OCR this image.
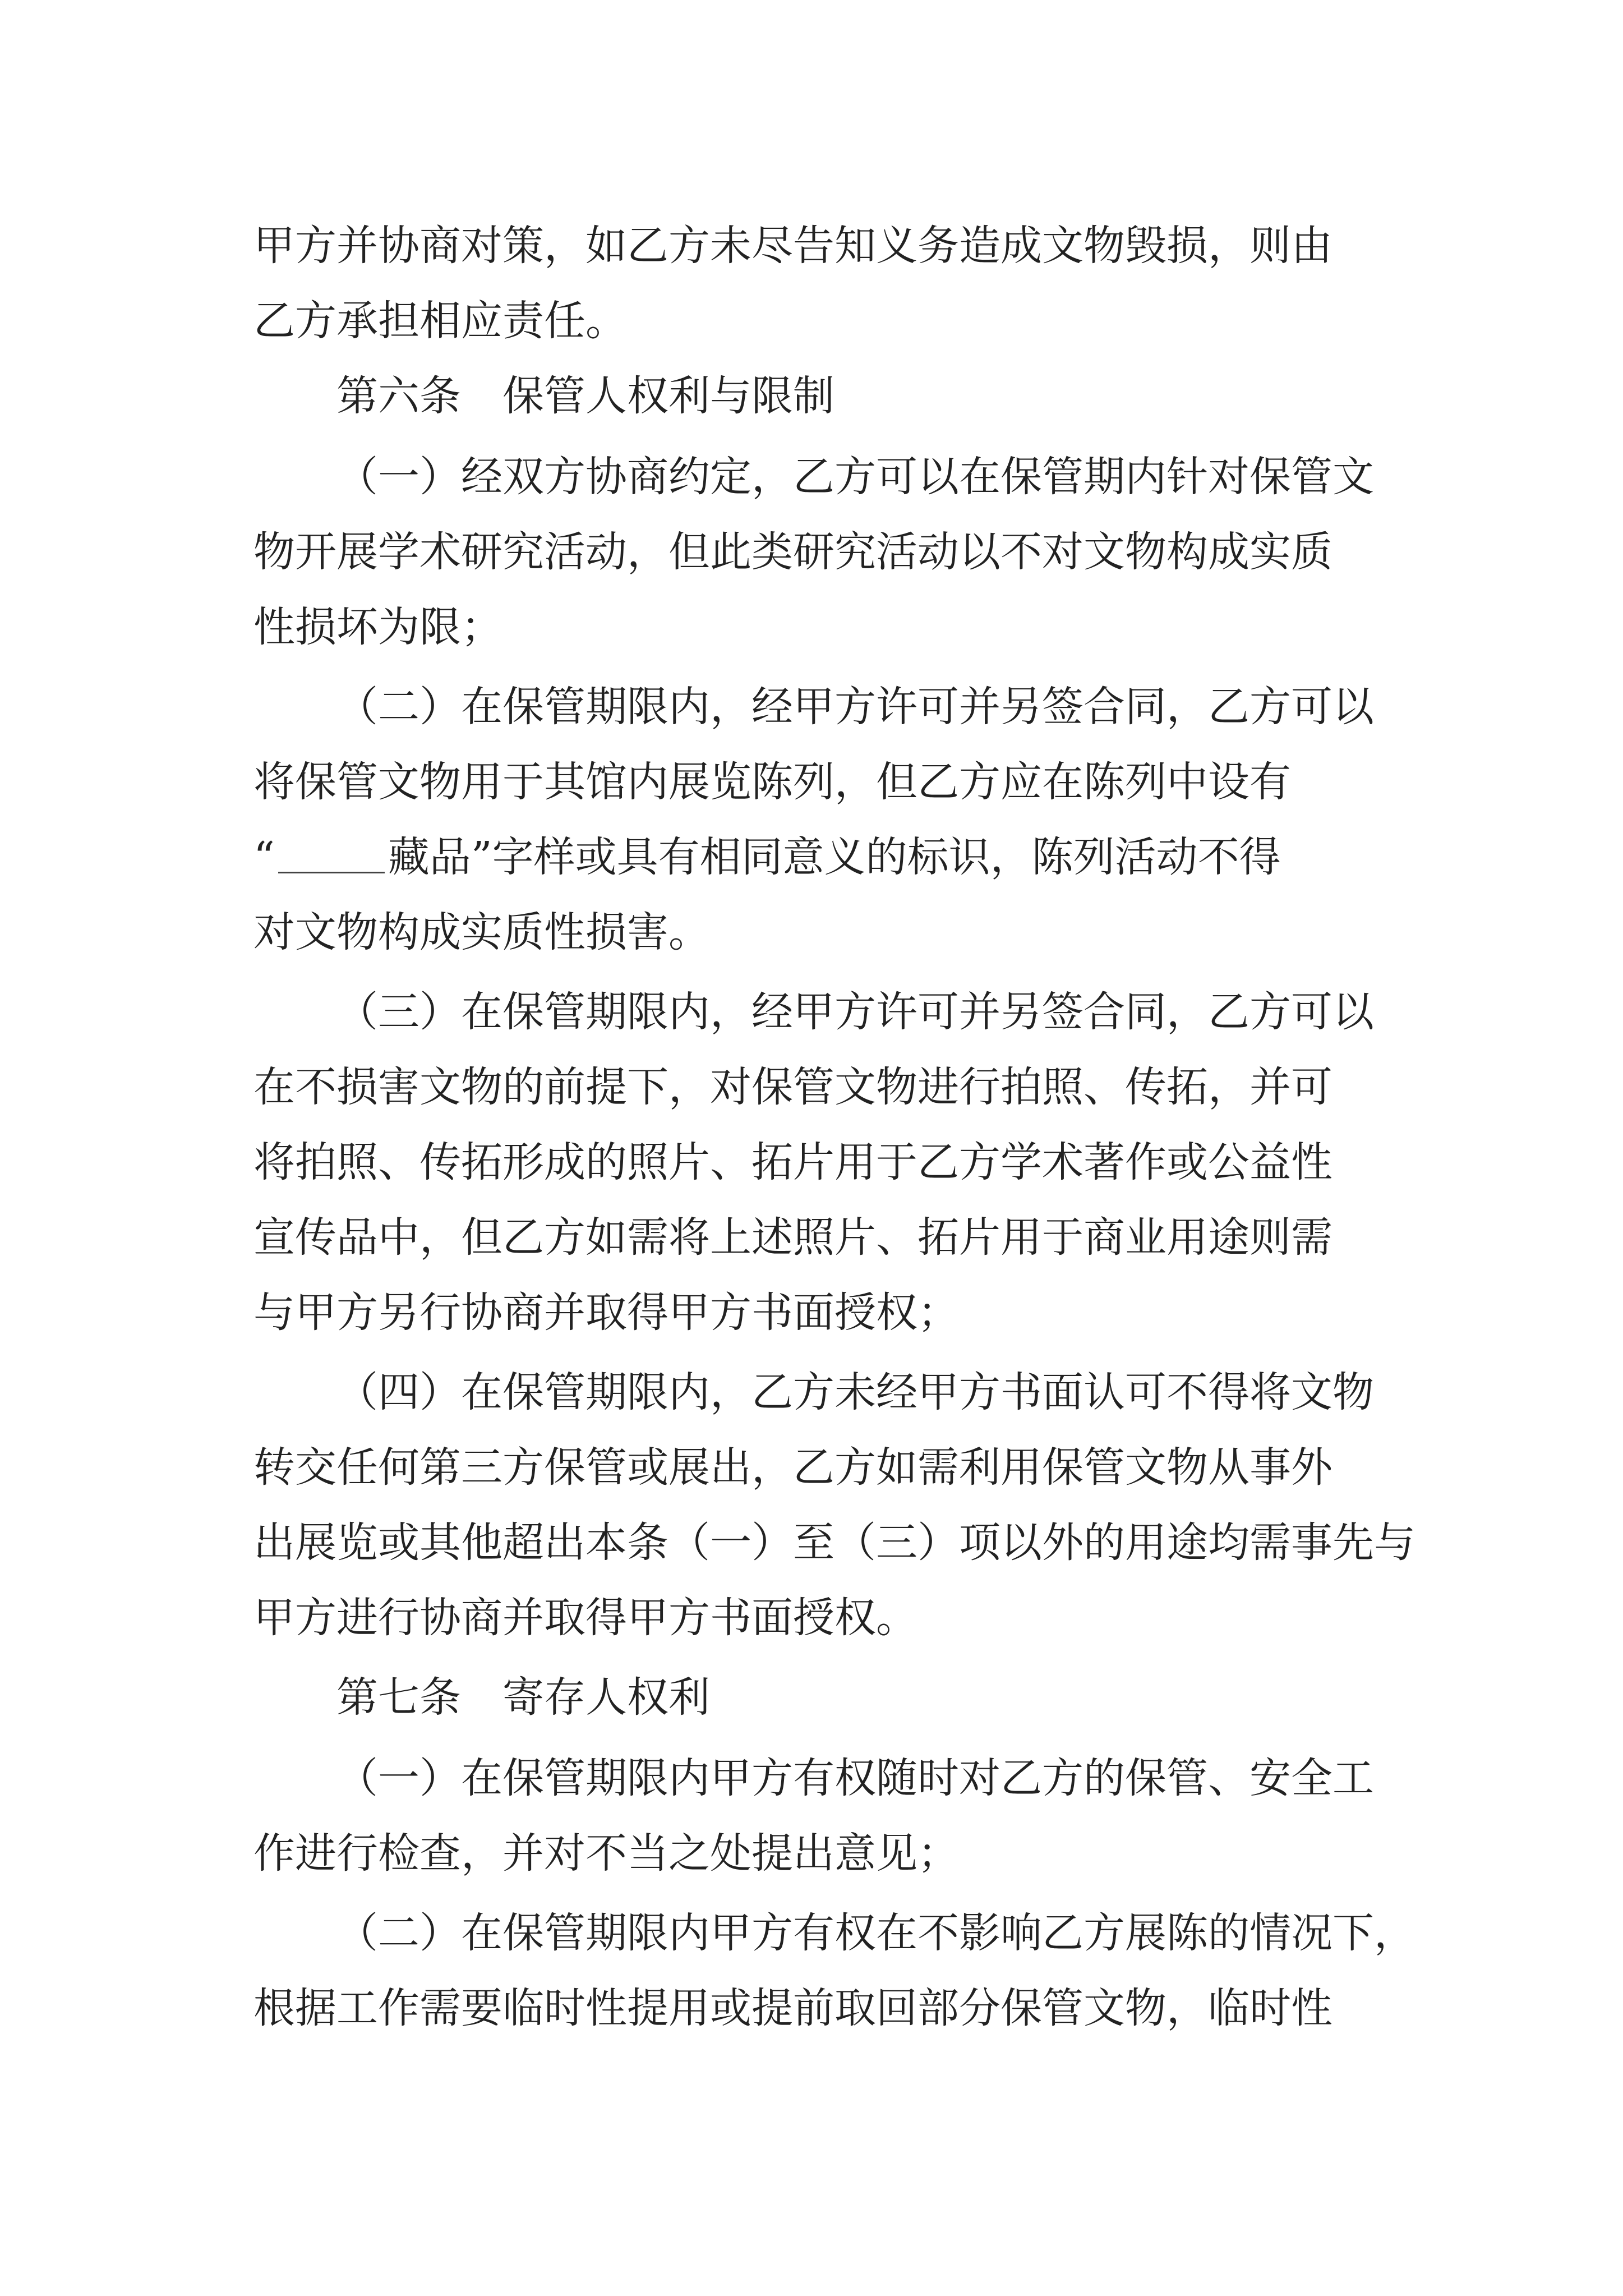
甲方并协商对策，如乙方未尽告知义务造成文物毁损，则由
乙方承担相应责任。
第六条　保管人权利与限制
（一）经双方协商约定，乙方可以在保管期内针对保管文
物开展学术研究活动，但此类研究活动以不对文物构成实质
性损坏为限；
（二）在保管期限内，经甲方许可并另签合同，乙方可以
将保管文物用于其馆内展览陈列，但乙方应在陈列中设有
“	藏品”字样或具有相同意义的标识，陈列活动不得
对文物构成实质性损害。
（三）在保管期限内，经甲方许可并另签合同，乙方可以
在不损害文物的前提下，对保管文物进行拍照、传拓，并可
将拍照、传拓形成的照片、拓片用于乙方学术著作或公益性
宣传品中，但乙方如需将上述照片、拓片用于商业用途则需
与甲方另行协商并取得甲方书面授权；
（四）在保管期限内，乙方未经甲方书面认可不得将文物
转交任何第三方保管或展出，乙方如需利用保管文物从事外
出展览或其他超出本条（一）至（三）项以外的用途均需事先与
甲方进行协商并取得甲方书面授权。
第七条　寄存人权利
（一）在保管期限内甲方有权随时对乙方的保管、安全工
作进行检查，并对不当之处提出意见；
（二）在保管期限内甲方有权在不影响乙方展陈的情况下，
根据工作需要临时性提用或提前取回部分保管文物，临时性
